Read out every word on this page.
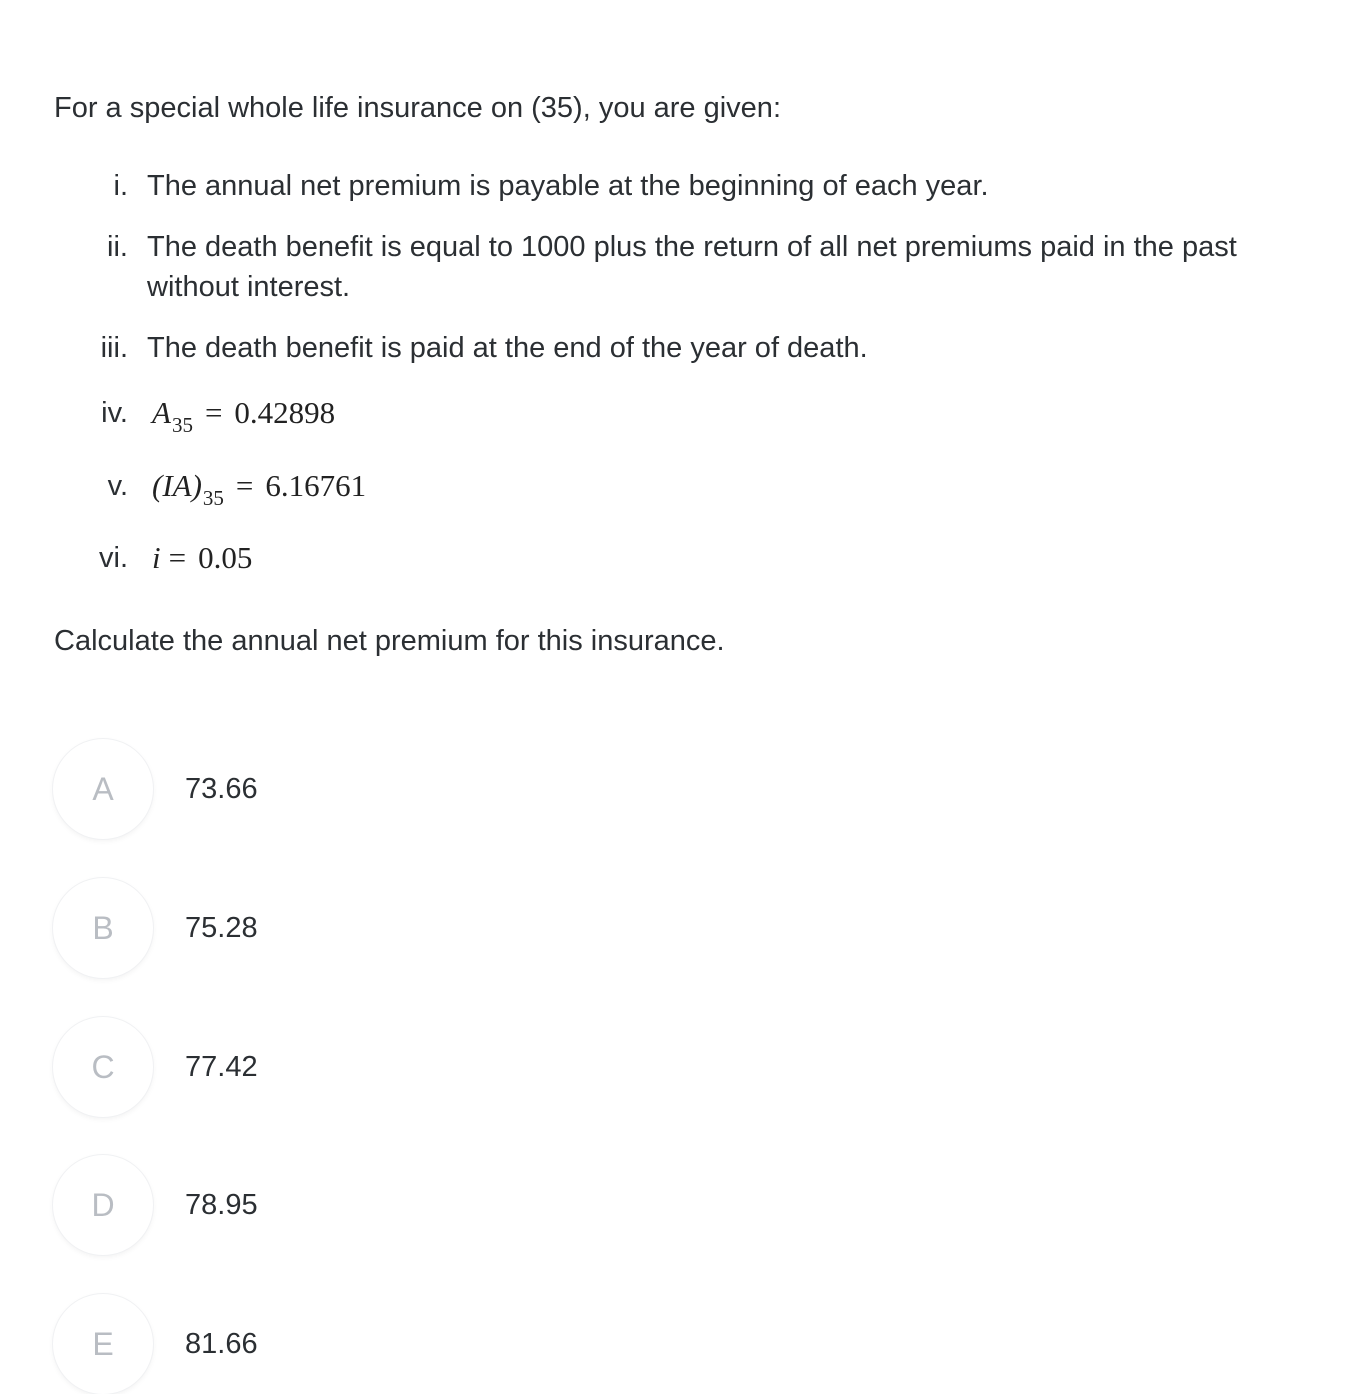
For a special whole life insurance on (35), you are given:
i. The annual net premium is payable at the beginning of each year.
ii. The death benefit is equal to 1000 plus the return of all net premiums paid in the past without interest.
iii. The death benefit is paid at the end of the year of death.
iv. $A_{35} = 0.42898$
v. $(IA)_{35} = 6.16761$
vi. i = 0.05
Calculate the annual net premium for this insurance.
A	73.66
B	75.28
C	77.42
D	78.95
E	81.66
